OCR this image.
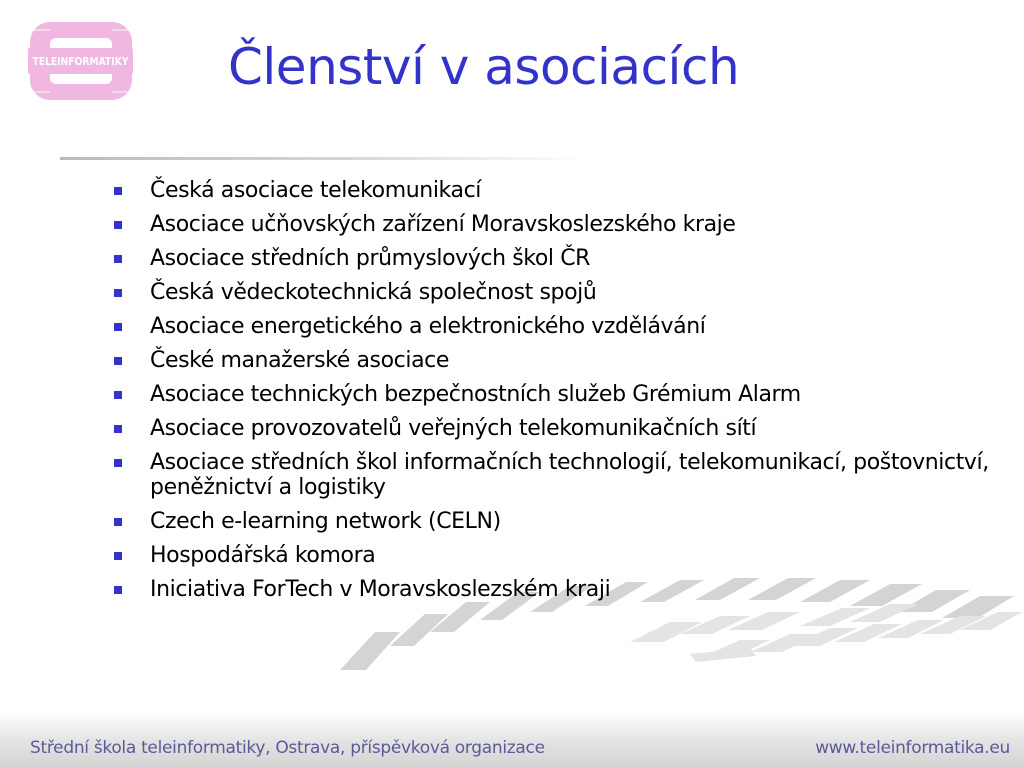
STŘEDNÍ ŠKOLA
TELEINFORMATIKY
OSTRAVA	Členství v asociacích
Česká asociace telekomunikací
Asociace učňovských zařízení Moravskoslezského kraje
Asociace středních průmyslových škol ČR
Česká vědeckotechnická společnost spojů
Asociace energetického a elektronického vzdělávání
České manažerské asociace
Asociace technických bezpečnostních služeb Grémium Alarm
Asociace provozovatelů veřejných telekomunikačních sítí
Asociace středních škol informačních technologií, telekomunikací, poštovnictví, peněžnictví a logistiky
Czech e-learning network (CELN)
Hospodářská komora
Iniciativa ForTech v Moravskoslezském kraji
Střední škola teleinformatiky, Ostrava, příspěvková organizace	www.teleinformatika.eu
